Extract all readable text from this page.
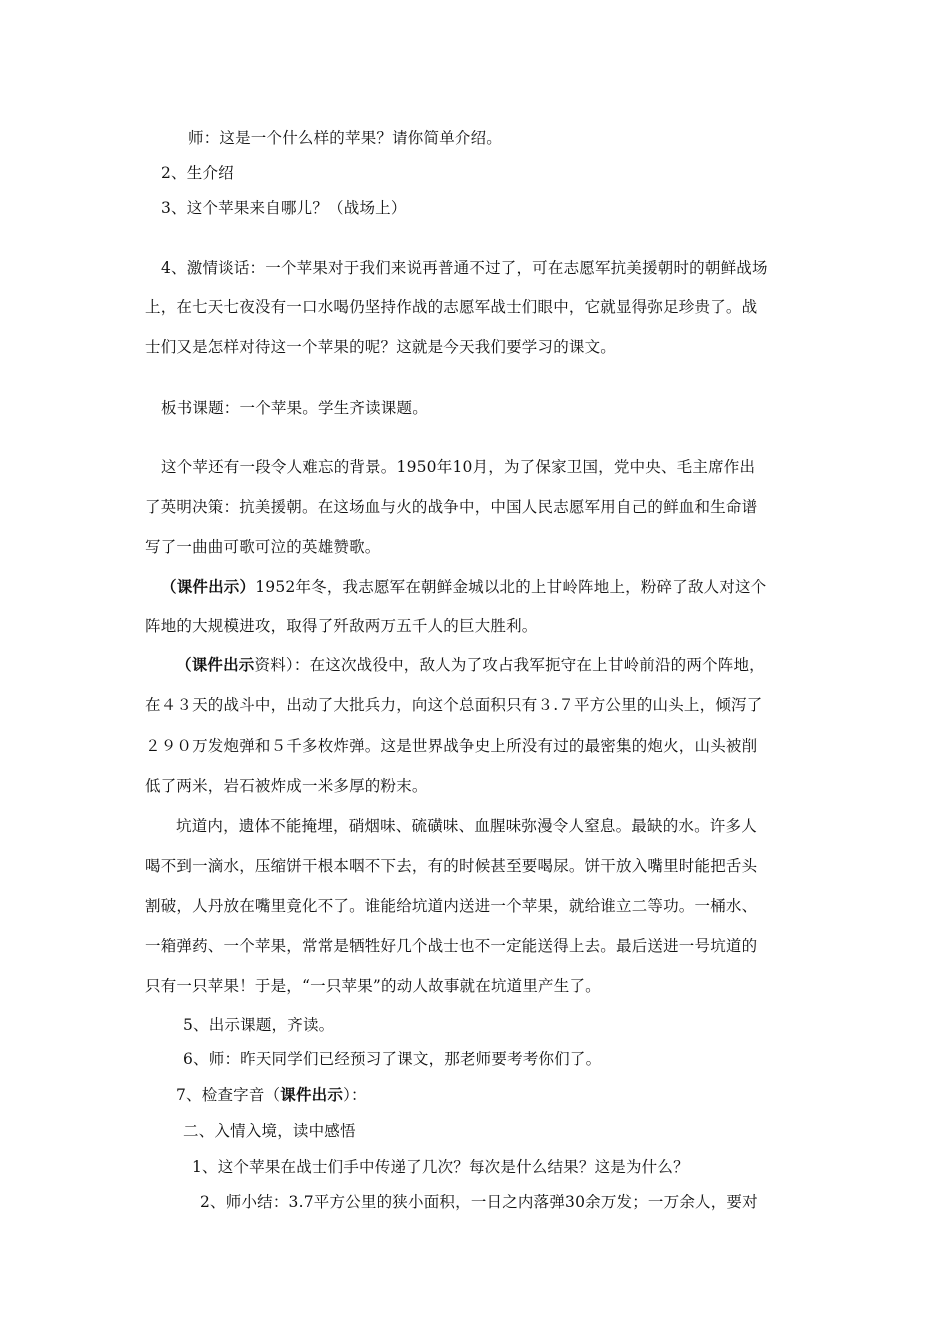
师：这是一个什么样的苹果？请你简单介绍。
2、生介绍
3、这个苹果来自哪儿？（战场上）
4、激情谈话：一个苹果对于我们来说再普通不过了，可在志愿军抗美援朝时的朝鲜战场
上，在七天七夜没有一口水喝仍坚持作战的志愿军战士们眼中，它就显得弥足珍贵了。战
士们又是怎样对待这一个苹果的呢？这就是今天我们要学习的课文。
板书课题：一个苹果。学生齐读课题。
这个苹还有一段令人难忘的背景。1950年10月，为了保家卫国，党中央、毛主席作出
了英明决策：抗美援朝。在这场血与火的战争中，中国人民志愿军用自己的鲜血和生命谱
写了一曲曲可歌可泣的英雄赞歌。
（课件出示）1952年冬，我志愿军在朝鲜金城以北的上甘岭阵地上，粉碎了敌人对这个
阵地的大规模进攻，取得了歼敌两万五千人的巨大胜利。
（课件出示资料）：在这次战役中，敌人为了攻占我军扼守在上甘岭前沿的两个阵地，
在４３天的战斗中，出动了大批兵力，向这个总面积只有３.７平方公里的山头上，倾泻了
２９０万发炮弹和５千多枚炸弹。这是世界战争史上所没有过的最密集的炮火，山头被削
低了两米，岩石被炸成一米多厚的粉末。
坑道内，遗体不能掩埋，硝烟味、硫磺味、血腥味弥漫令人窒息。最缺的水。许多人
喝不到一滴水，压缩饼干根本咽不下去，有的时候甚至要喝尿。饼干放入嘴里时能把舌头
割破，人丹放在嘴里竟化不了。谁能给坑道内送进一个苹果，就给谁立二等功。一桶水、
一箱弹药、一个苹果，常常是牺牲好几个战士也不一定能送得上去。最后送进一号坑道的
只有一只苹果！于是，“一只苹果”的动人故事就在坑道里产生了。
5、出示课题，齐读。
6、师：昨天同学们已经预习了课文，那老师要考考你们了。
7、检查字音（课件出示）：
二、入情入境，读中感悟
1、这个苹果在战士们手中传递了几次？每次是什么结果？这是为什么？
2、师小结：3.7平方公里的狭小面积，一日之内落弹30余万发；一万余人，要对
